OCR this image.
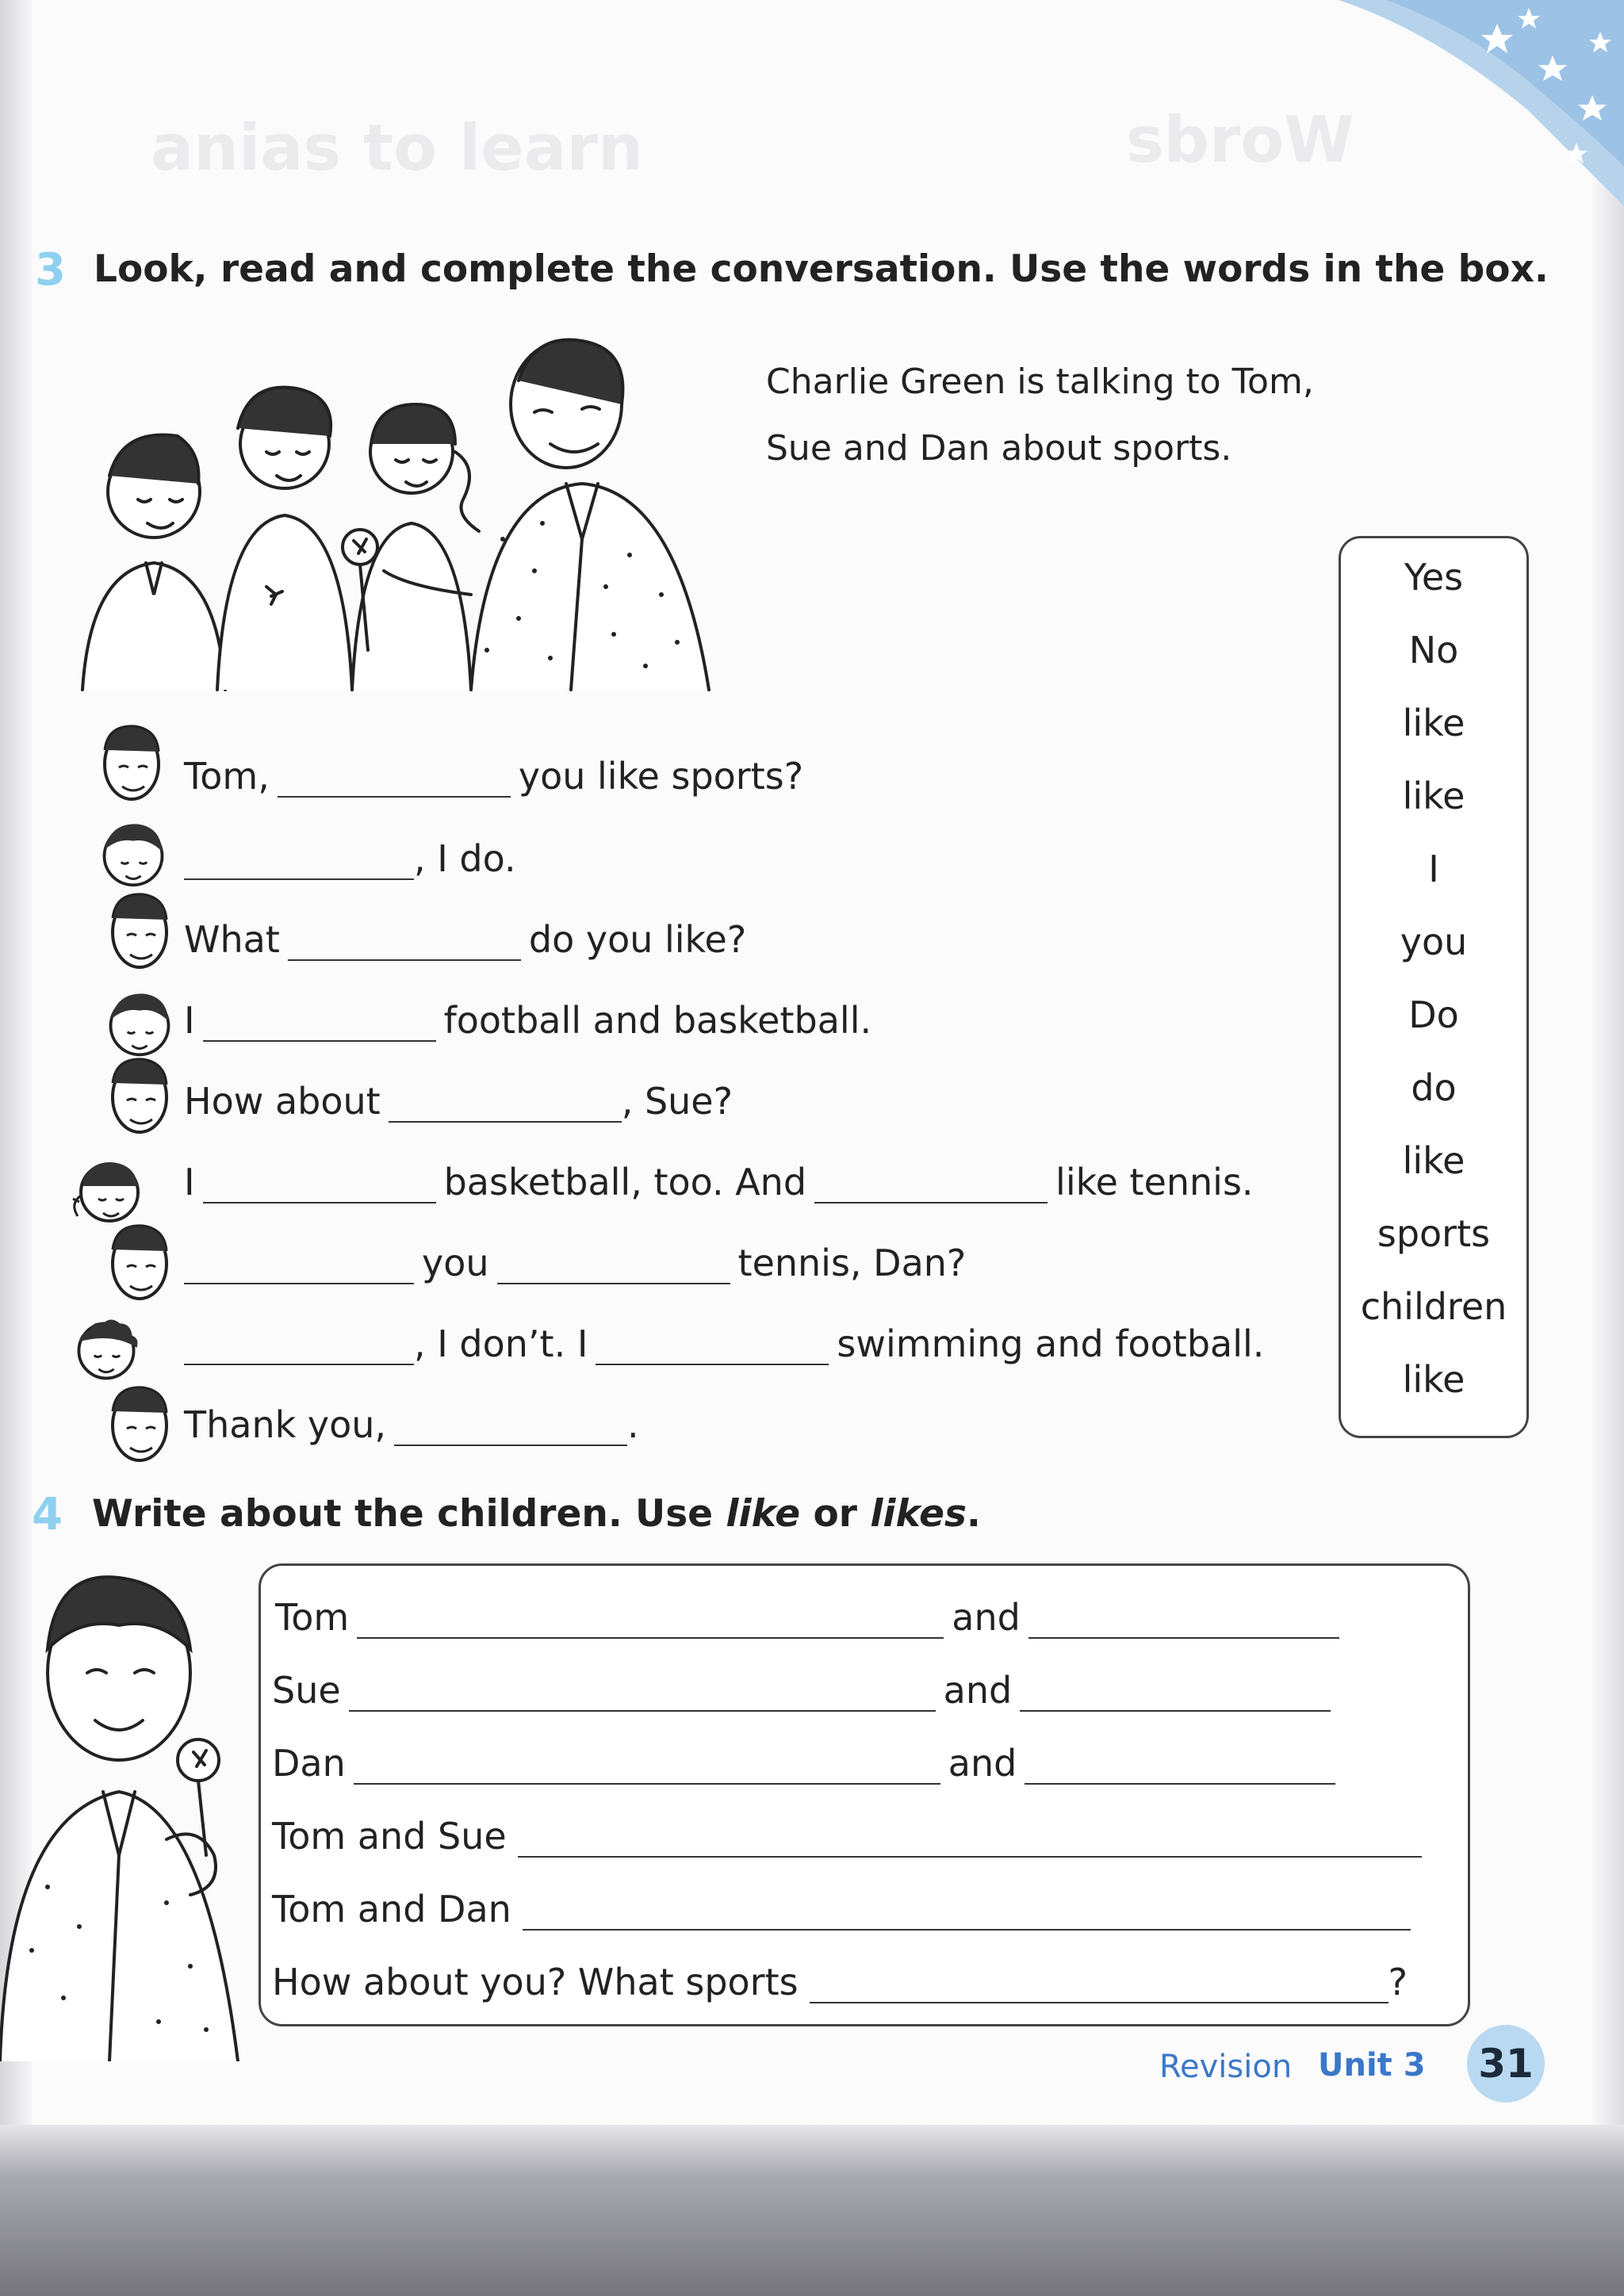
sbroW
anias to learn
3 Look, read and complete the conversation. Use the words in the box.
Charlie Green is talking to Tom,
Sue and Dan about sports.
Tom,	you like sports?
, I do.
What	do you like?
I	football and basketball.
How about	, Sue?
I	basketball, too. And	like tennis.
you	tennis, Dan?
, I don’t. I	swimming and football.
Thank you,	.
Yes
No
like
like
I
you
Do
do
like
sports
children
like
4 Write about the children. Use like or likes.
Tom	and
Sue	and
Dan	and
Tom and Sue
Tom and Dan
How about you? What sports	?
Revision Unit 3 31
